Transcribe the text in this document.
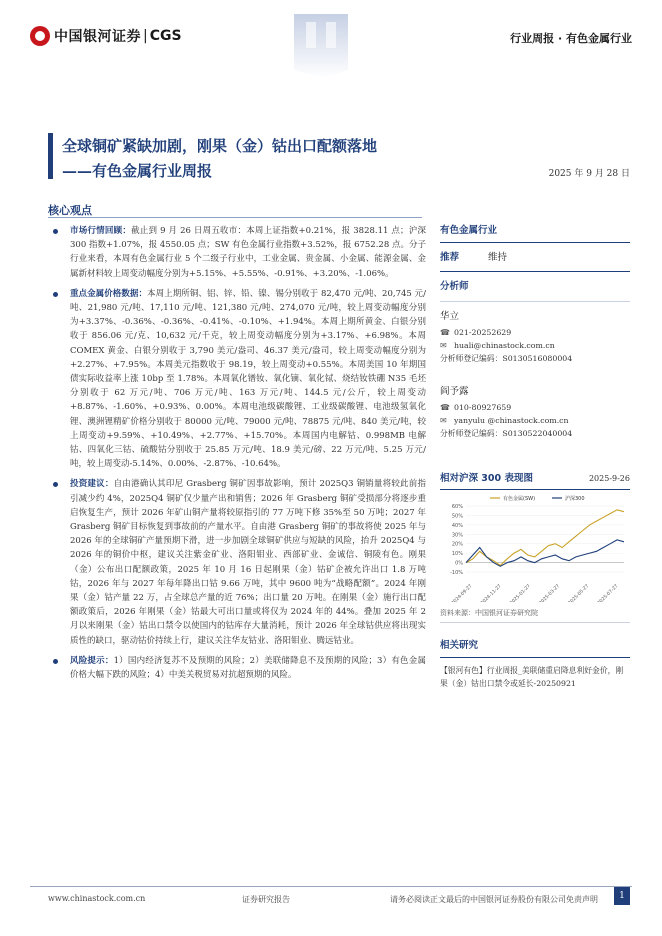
中国银河证券 | CGS	行业周报 · 有色金属行业
全球铜矿紧缺加剧，刚果（金）钴出口配额落地
——有色金属行业周报	2025 年 9 月 28 日
核心观点
市场行情回顾：截止到 9 月 26 日周五收市：本周上证指数+0.21%，报 3828.11 点；沪深 300 指数+1.07%，报 4550.05 点；SW 有色金属行业指数+3.52%，报 6752.28 点。分子行业来看，本周有色金属行业 5 个二级子行业中，工业金属、贵金属、小金属、能源金属、金属新材料较上周变动幅度分别为+5.15%、+5.55%、-0.91%、+3.20%、-1.06%。
重点金属价格数据：本周上期所铜、铝、锌、铅、镍、锡分别收于 82,470 元/吨、20,745 元/吨、21,980 元/吨、17,110 元/吨、121,380 元/吨、274,070 元/吨，较上周变动幅度分别为+3.37%、-0.36%、-0.36%、-0.41%、-0.10%、+1.94%。本周上期所黄金、白银分别收于 856.06 元/克、10,632 元/千克，较上周变动幅度分别为+3.17%、+6.98%。本周 COMEX 黄金、白银分别收于 3,790 美元/盎司、46.37 美元/盎司，较上周变动幅度分别为+2.27%、+7.95%。本周美元指数收于 98.19，较上周变动+0.55%。本周美国 10 年期国债实际收益率上涨 10bp 至 1.78%。本周氧化镨钕、氧化镝、氧化铽、烧结钕铁硼 N35 毛坯分别收于 62 万元/吨、706 万元/吨、163 万元/吨、144.5 元/公斤，较上周变动+8.87%、-1.60%、+0.93%、0.00%。本周电池级碳酸锂、工业级碳酸锂、电池级氢氧化锂、澳洲锂精矿价格分别收于 80000 元/吨、79000 元/吨、78875 元/吨、840 美元/吨，较上周变动+9.59%、+10.49%、+2.77%、+15.70%。本周国内电解钴、0.998MB 电解钴、四氧化三钴、硫酸钴分别收于 25.85 万元/吨、18.9 美元/磅、22 万元/吨、5.25 万元/吨，较上周变动-5.14%、0.00%、-2.87%、-10.64%。
投资建议：自由港确认其印尼 Grasberg 铜矿因事故影响，预计 2025Q3 铜销量将较此前指引减少约 4%，2025Q4 铜矿仅少量产出和销售；2026 年 Grasberg 铜矿受损部分将逐步重启恢复生产，预计 2026 年矿山铜产量将较原指引的 77 万吨下修 35%至 50 万吨；2027 年 Grasberg 铜矿目标恢复到事故前的产量水平。自由港 Grasberg 铜矿的事故将使 2025 年与 2026 年的全球铜矿产量预期下滑，进一步加剧全球铜矿供应与短缺的风险，抬升 2025Q4 与 2026 年的铜价中枢，建议关注紫金矿业、洛阳钼业、西部矿业、金诚信、铜陵有色。刚果（金）公布出口配额政策，2025 年 10 月 16 日起刚果（金）钴矿企被允许出口 1.8 万吨钴，2026 年与 2027 年每年降出口钴 9.66 万吨，其中 9600 吨为“战略配额”。2024 年刚果（金）钴产量 22 万，占全球总产量的近 76%；出口量 20 万吨。在刚果（金）施行出口配额政策后，2026 年刚果（金）钴最大可出口量或将仅为 2024 年的 44%。叠加 2025 年 2 月以来刚果（金）钴出口禁令以使国内的钴库存大量消耗，预计 2026 年全球钴供应将出现实质性的缺口，驱动钴价持续上行，建议关注华友钴业、洛阳钼业、腾远钴业。
风险提示：1）国内经济复苏不及预期的风险；2）美联储降息不及预期的风险；3）有色金属价格大幅下跌的风险；4）中美关税贸易对抗超预期的风险。
有色金属行业
推荐	维持
分析师
华立
☎ 021-20252629
✉ huali@chinastock.com.cn
分析师登记编码：S0130516080004
阎予露
☎ 010-80927659
✉ yanyulu @chinastock.com.cn
分析师登记编码：S0130522040004
相对沪深 300 表现图	2025-9-26
60%
50%
40%
30%
20%
10%
0%
-10%
2024-09-27 2024-11-27 2025-01-27 2025-03-27 2025-05-27 2025-07-27
有色金属(SW)	沪深300
资料来源：中国银河证券研究院
相关研究
【银河有色】行业周报_美联储重启降息利好金价，刚果（金）钴出口禁令或延长-20250921
www.chinastock.com.cn	证券研究报告	请务必阅读正文最后的中国银河证券股份有限公司免责声明	1
